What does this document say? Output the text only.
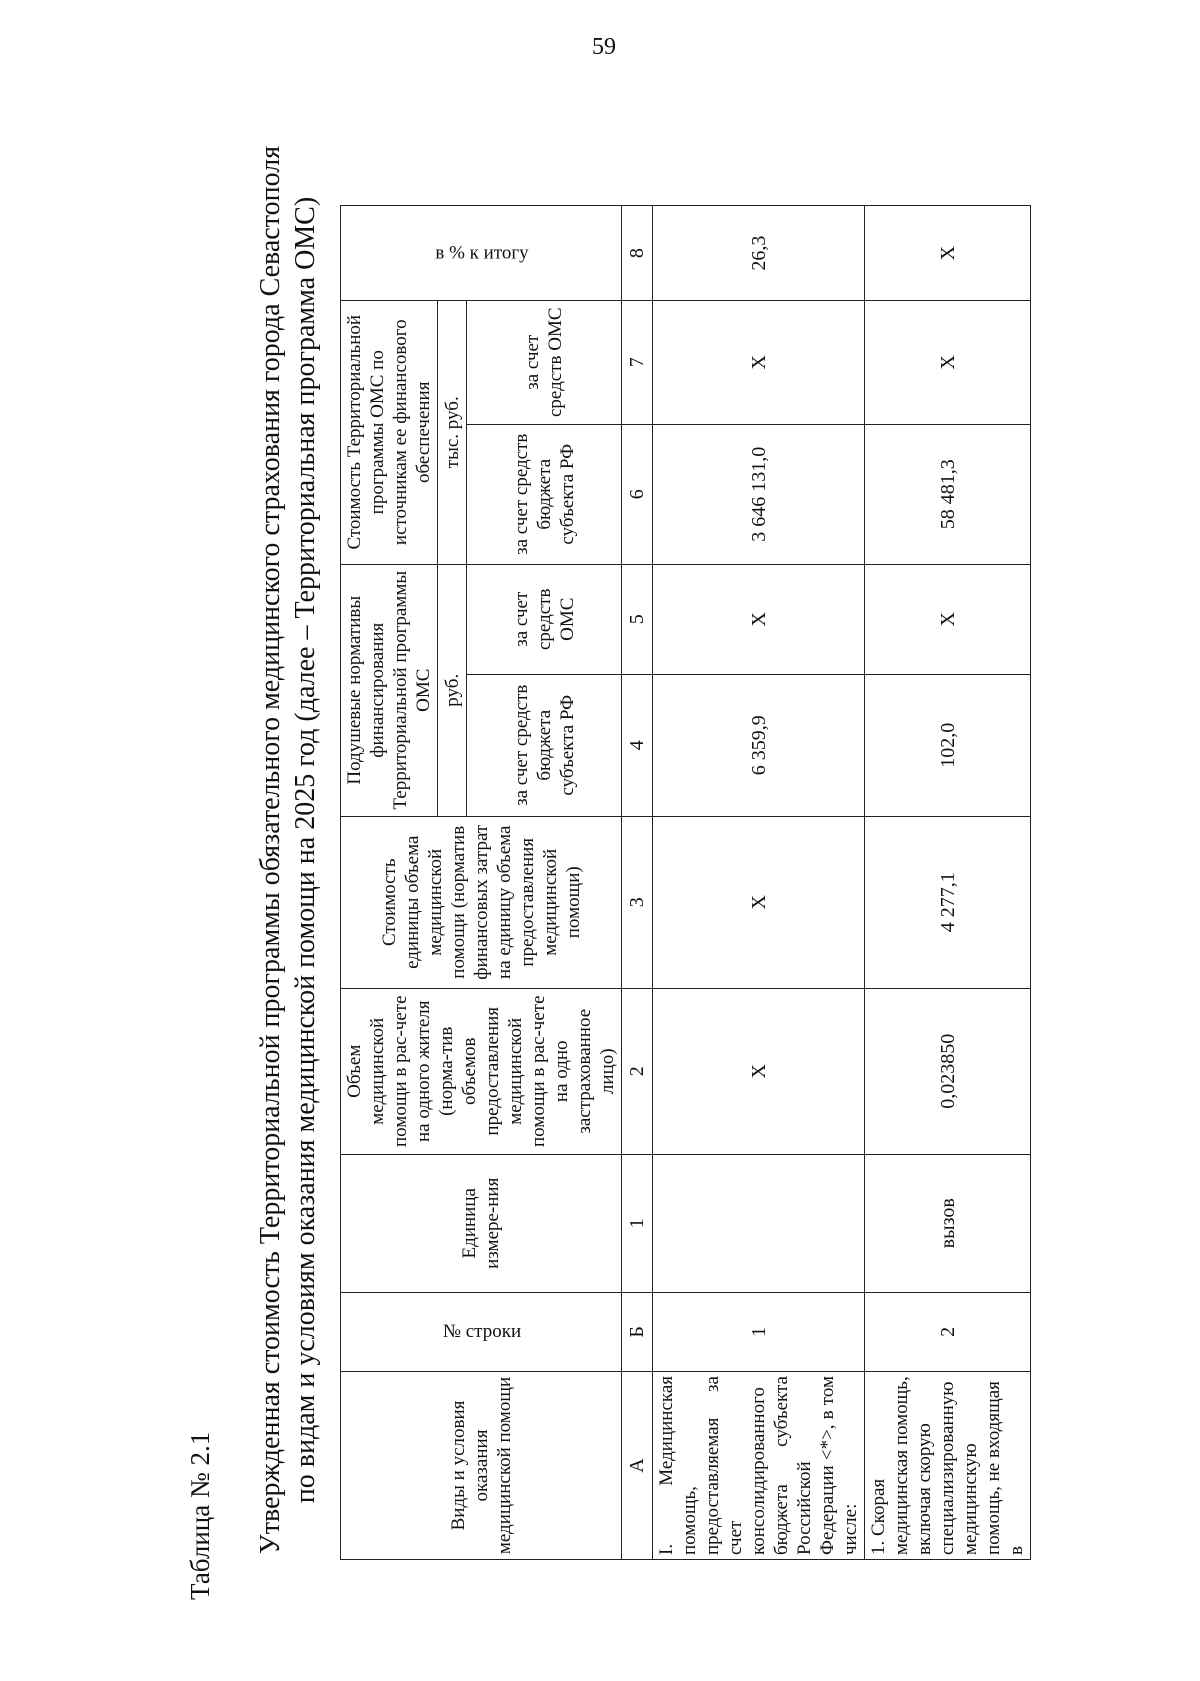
59
Таблица № 2.1 Утвержденная стоимость Территориальной программы обязательного медицинского страхования города Севастополя по видам и условиям оказания медицинской помощи на 2025 год (далее – Территориальная программа ОМС)	Виды и условия оказания медицинской помощи	№ строки	Единица измере-ния	Объем медицинской помощи в рас-чете на одного жителя (норма-тив объемов предоставления медицинской помощи в рас-чете на одно застрахованное лицо)	Стоимость единицы объема медицинской помощи (норматив финансовых затрат на единицу объема предоставления медицинской помощи)	Подушевые нормативы финансирования Территориальной программы ОМС		Стоимость Территориальной программы ОМС по источникам ее финансового обеспечения		в % к итогу
					руб.		тыс. руб.		
					за счет средств бюджета субъекта РФ	за счет средств ОМС	за счет средств бюджета субъекта РФ	за счет средств ОМС	
А	Б	1	2	3	4	5	6	7	8
I. Медицинская помощь, предоставляемая за счет консолидированного бюджета субъекта Российской Федерации <*>, в том числе:	1		X	X	6 359,9	X	3 646 131,0	X	26,3
1. Скорая медицинская помощь, включая скорую специализированную медицинскую помощь, не входящая в	2	вызов	0,023850	4 277,1	102,0	X	58 481,3	X	X
